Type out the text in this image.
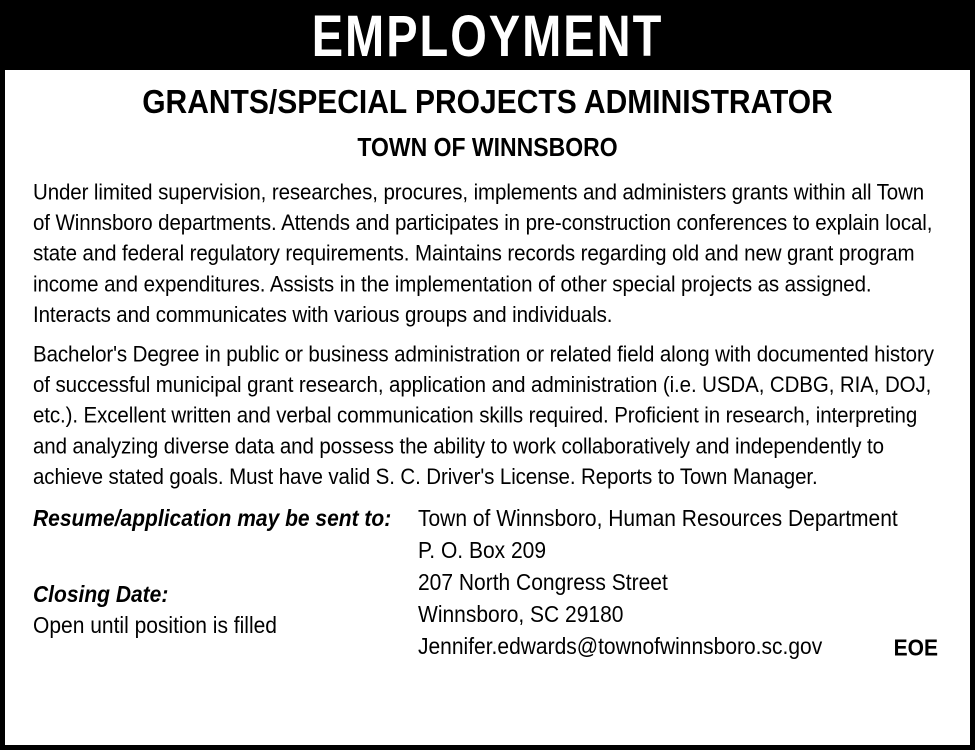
EMPLOYMENT
GRANTS/SPECIAL PROJECTS ADMINISTRATOR
TOWN OF WINNSBORO

Under limited supervision, researches, procures, implements and administers grants within all Town of Winnsboro departments. Attends and participates in pre-construction conferences to explain local, state and federal regulatory requirements. Maintains records regarding old and new grant program income and expenditures. Assists in the implementation of other special projects as assigned. Interacts and communicates with various groups and individuals.

Bachelor's Degree in public or business administration or related field along with documented history of successful municipal grant research, application and administration (i.e. USDA, CDBG, RIA, DOJ, etc.). Excellent written and verbal communication skills required. Proficient in research, interpreting and analyzing diverse data and possess the ability to work collaboratively and independently to achieve stated goals. Must have valid S. C. Driver's License. Reports to Town Manager.

Resume/application may be sent to:
Closing Date:
Open until position is filled
Town of Winnsboro, Human Resources Department
P. O. Box 209
207 North Congress Street
Winnsboro, SC 29180
Jennifer.edwards@townofwinnsboro.sc.gov	EOE
